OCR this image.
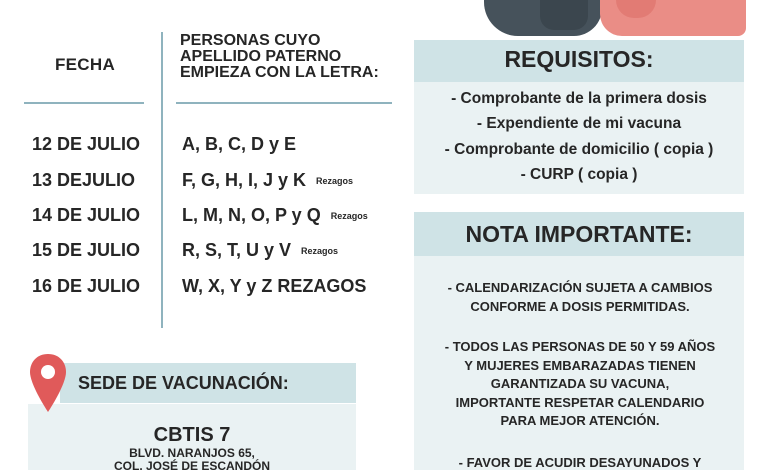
FECHA
PERSONAS CUYO
APELLIDO PATERNO
EMPIEZA CON LA LETRA:
12 DE JULIO	A, B, C, D y E
13 DEJULIO	F, G, H, I, J y K Rezagos
14 DE JULIO	L, M, N, O, P y Q Rezagos
15 DE JULIO	R, S, T, U y V Rezagos
16 DE JULIO	W, X, Y y Z REZAGOS
SEDE DE VACUNACIÓN:
CBTIS 7
BLVD. NARANJOS 65,
COL. JOSÉ DE ESCANDÓN
REQUISITOS:
- Comprobante de la primera dosis
- Expendiente de mi vacuna
- Comprobante de domicilio ( copia )
- CURP ( copia )
NOTA IMPORTANTE:
- CALENDARIZACIÓN SUJETA A CAMBIOS
CONFORME A DOSIS PERMITIDAS.
- TODOS LAS PERSONAS DE 50 Y 59 AÑOS
Y MUJERES EMBARAZADAS TIENEN
GARANTIZADA SU VACUNA,
IMPORTANTE RESPETAR CALENDARIO
PARA MEJOR ATENCIÓN.
- FAVOR DE ACUDIR DESAYUNADOS Y
